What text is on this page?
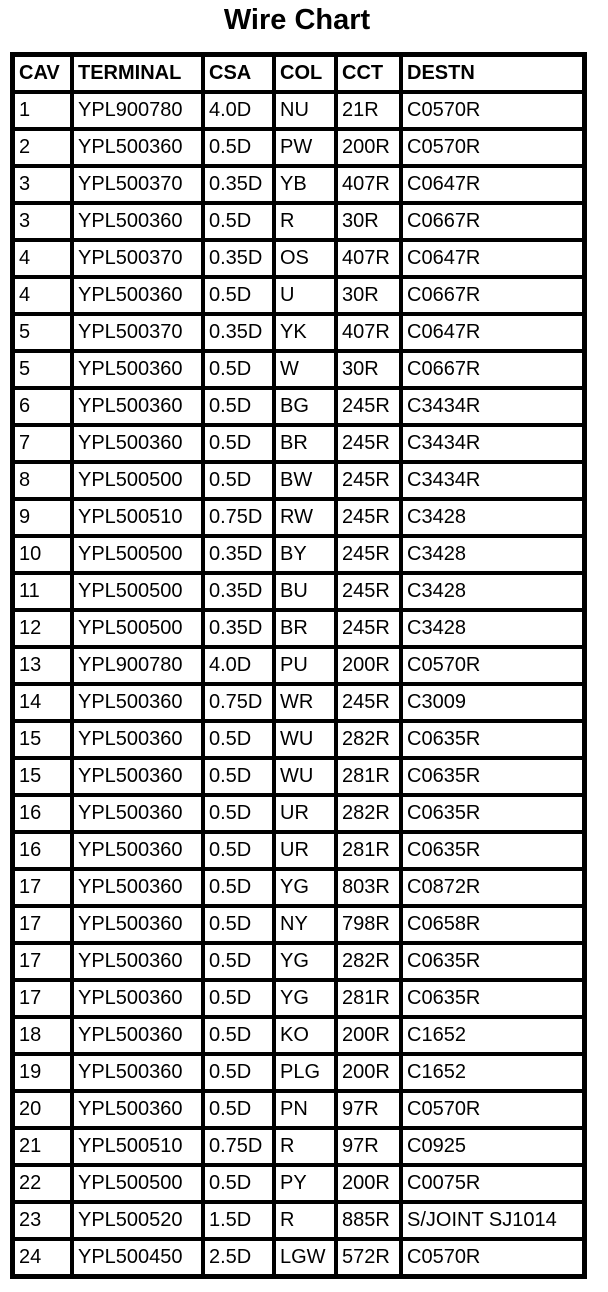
Wire Chart
CAV	TERMINAL	CSA	COL	CCT	DESTN
1	YPL900780	4.0D	NU	21R	C0570R
2	YPL500360	0.5D	PW	200R	C0570R
3	YPL500370	0.35D	YB	407R	C0647R
3	YPL500360	0.5D	R	30R	C0667R
4	YPL500370	0.35D	OS	407R	C0647R
4	YPL500360	0.5D	U	30R	C0667R
5	YPL500370	0.35D	YK	407R	C0647R
5	YPL500360	0.5D	W	30R	C0667R
6	YPL500360	0.5D	BG	245R	C3434R
7	YPL500360	0.5D	BR	245R	C3434R
8	YPL500500	0.5D	BW	245R	C3434R
9	YPL500510	0.75D	RW	245R	C3428
10	YPL500500	0.35D	BY	245R	C3428
11	YPL500500	0.35D	BU	245R	C3428
12	YPL500500	0.35D	BR	245R	C3428
13	YPL900780	4.0D	PU	200R	C0570R
14	YPL500360	0.75D	WR	245R	C3009
15	YPL500360	0.5D	WU	282R	C0635R
15	YPL500360	0.5D	WU	281R	C0635R
16	YPL500360	0.5D	UR	282R	C0635R
16	YPL500360	0.5D	UR	281R	C0635R
17	YPL500360	0.5D	YG	803R	C0872R
17	YPL500360	0.5D	NY	798R	C0658R
17	YPL500360	0.5D	YG	282R	C0635R
17	YPL500360	0.5D	YG	281R	C0635R
18	YPL500360	0.5D	KO	200R	C1652
19	YPL500360	0.5D	PLG	200R	C1652
20	YPL500360	0.5D	PN	97R	C0570R
21	YPL500510	0.75D	R	97R	C0925
22	YPL500500	0.5D	PY	200R	C0075R
23	YPL500520	1.5D	R	885R	S/JOINT SJ1014
24	YPL500450	2.5D	LGW	572R	C0570R
